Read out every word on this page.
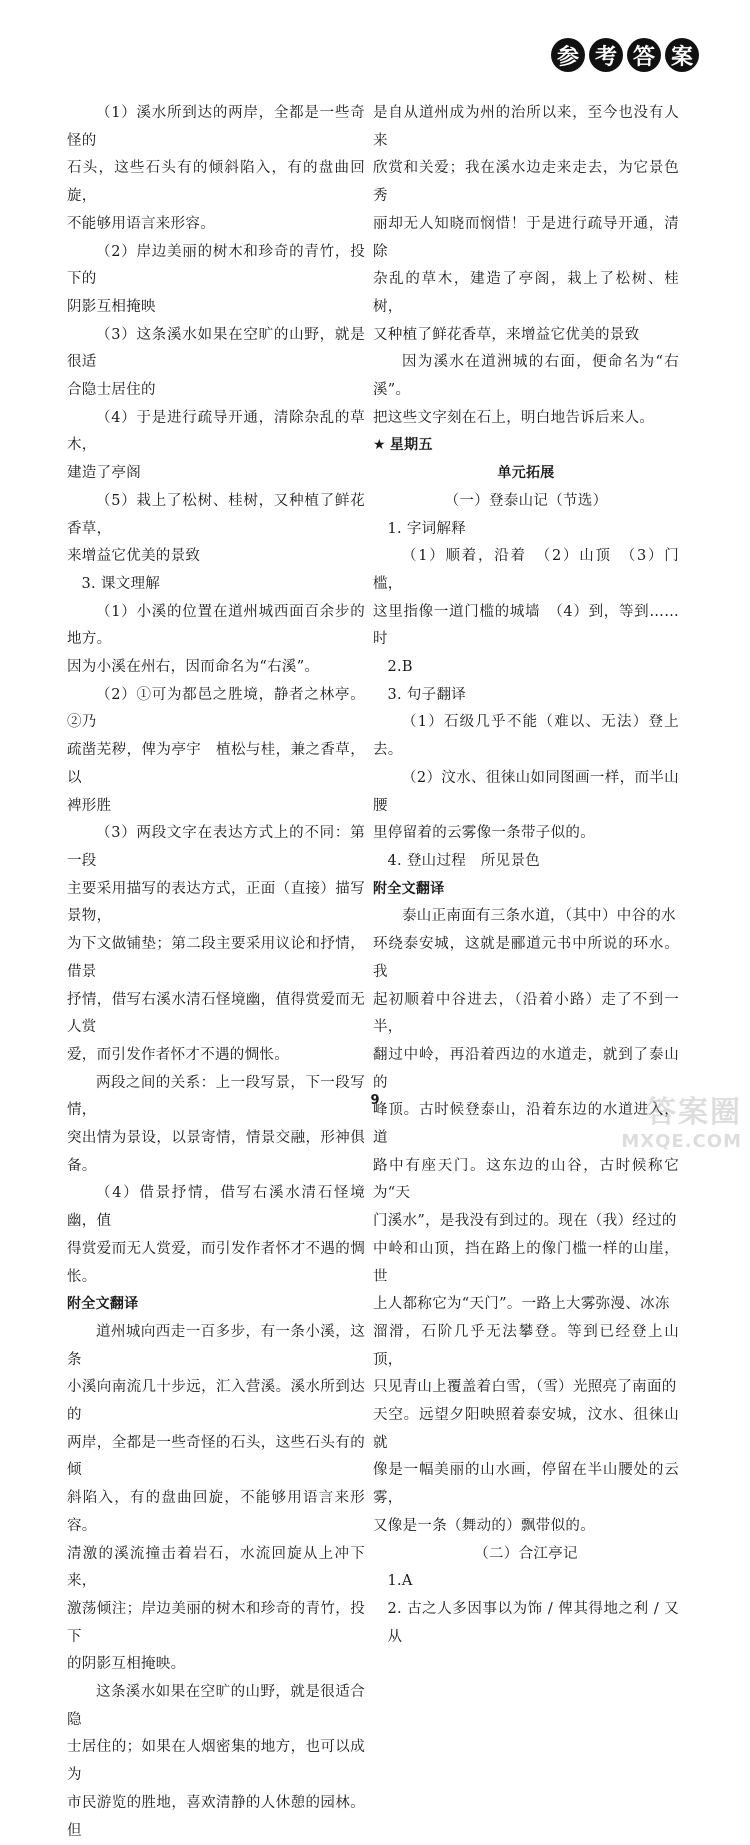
参 考 答 案

（1）溪水所到达的两岸，全都是一些奇怪的

石头，这些石头有的倾斜陷入，有的盘曲回旋，

不能够用语言来形容。

（2）岸边美丽的树木和珍奇的青竹，投下的

阴影互相掩映

（3）这条溪水如果在空旷的山野，就是很适

合隐士居住的

（4）于是进行疏导开通，清除杂乱的草木，

建造了亭阁

（5）栽上了松树、桂树，又种植了鲜花香草，

来增益它优美的景致

3. 课文理解

（1）小溪的位置在道州城西面百余步的地方。

因为小溪在州右，因而命名为“右溪”。

（2）①可为都邑之胜境，静者之林亭。②乃

疏凿芜秽，俾为亭宇　植松与桂，兼之香草，以

裨形胜

（3）两段文字在表达方式上的不同：第一段

主要采用描写的表达方式，正面（直接）描写景物，

为下文做铺垫；第二段主要采用议论和抒情，借景

抒情，借写右溪水清石怪境幽，值得赏爱而无人赏

爱，而引发作者怀才不遇的惆怅。

两段之间的关系：上一段写景，下一段写情，

突出情为景设，以景寄情，情景交融，形神俱备。

（4）借景抒情，借写右溪水清石怪境幽，值

得赏爱而无人赏爱，而引发作者怀才不遇的惆怅。

附全文翻译

道州城向西走一百多步，有一条小溪，这条

小溪向南流几十步远，汇入营溪。溪水所到达的

两岸，全都是一些奇怪的石头，这些石头有的倾

斜陷入，有的盘曲回旋，不能够用语言来形容。

清激的溪流撞击着岩石，水流回旋从上冲下来，

激荡倾注；岸边美丽的树木和珍奇的青竹，投下

的阴影互相掩映。

这条溪水如果在空旷的山野，就是很适合隐

士居住的；如果在人烟密集的地方，也可以成为

市民游览的胜地，喜欢清静的人休憩的园林。但

是自从道州成为州的治所以来，至今也没有人来

欣赏和关爱；我在溪水边走来走去，为它景色秀

丽却无人知晓而悯惜！于是进行疏导开通，清除

杂乱的草木，建造了亭阁，栽上了松树、桂树，

又种植了鲜花香草，来增益它优美的景致

因为溪水在道洲城的右面，便命名为“右溪”。

把这些文字刻在石上，明白地告诉后来人。

★ 星期五

单元拓展

（一）登泰山记（节选）

1. 字词解释

（1）顺着，沿着　（2）山顶　（3）门槛，

这里指像一道门槛的城墙　（4）到，等到……时

2.B

3. 句子翻译

（1）石级几乎不能（难以、无法）登上去。

（2）汶水、徂徕山如同图画一样，而半山腰

里停留着的云雾像一条带子似的。

4. 登山过程　所见景色

附全文翻译

泰山正南面有三条水道，（其中）中谷的水

环绕泰安城，这就是郦道元书中所说的环水。我

起初顺着中谷进去，（沿着小路）走了不到一半，

翻过中岭，再沿着西边的水道走，就到了泰山的

峰顶。古时候登泰山，沿着东边的水道进入，道

路中有座天门。这东边的山谷，古时候称它为“天

门溪水”，是我没有到过的。现在（我）经过的

中岭和山顶，挡在路上的像门槛一样的山崖，世

上人都称它为“天门”。一路上大雾弥漫、冰冻

溜滑，石阶几乎无法攀登。等到已经登上山顶，

只见青山上覆盖着白雪，（雪）光照亮了南面的

天空。远望夕阳映照着泰安城，汶水、徂徕山就

像是一幅美丽的山水画，停留在半山腰处的云雾，

又像是一条（舞动的）飘带似的。

（二）合江亭记

1.A

2. 古之人多因事以为饰 / 俾其得地之利 / 又从

9	答案圈
MXQE.COM
